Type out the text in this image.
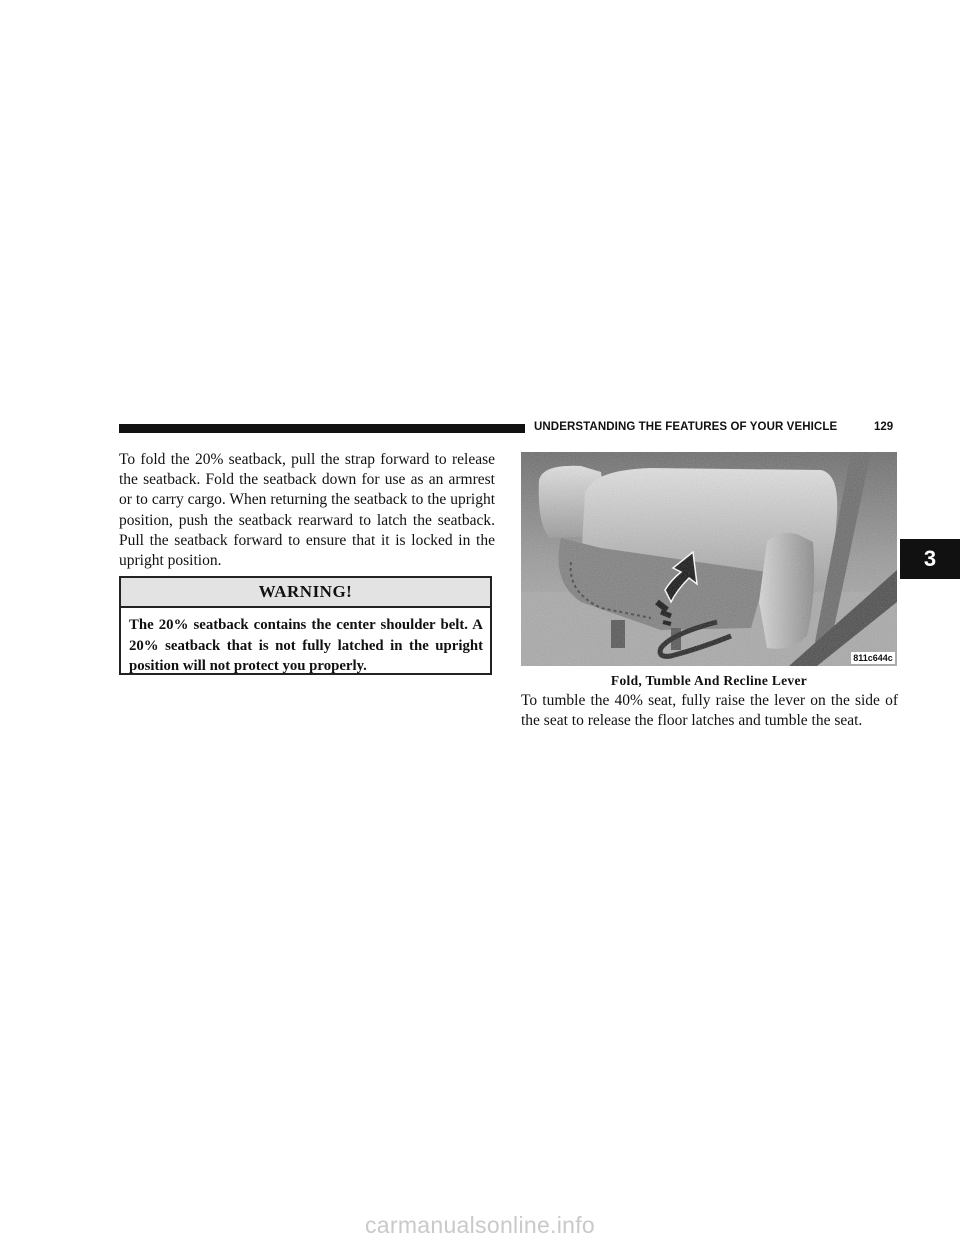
UNDERSTANDING THE FEATURES OF YOUR VEHICLE	129

To fold the 20% seatback, pull the strap forward to release the seatback. Fold the seatback down for use as an armrest or to carry cargo. When returning the seatback to the upright position, push the seatback rearward to latch the seatback. Pull the seatback forward to ensure that it is locked in the upright position.

WARNING!
The 20% seatback contains the center shoulder belt. A 20% seatback that is not fully latched in the upright position will not protect you properly.	811c644c
Fold, Tumble And Recline Lever

To tumble the 40% seat, fully raise the lever on the side of the seat to release the floor latches and tumble the seat.

3
carmanualsonline.info
